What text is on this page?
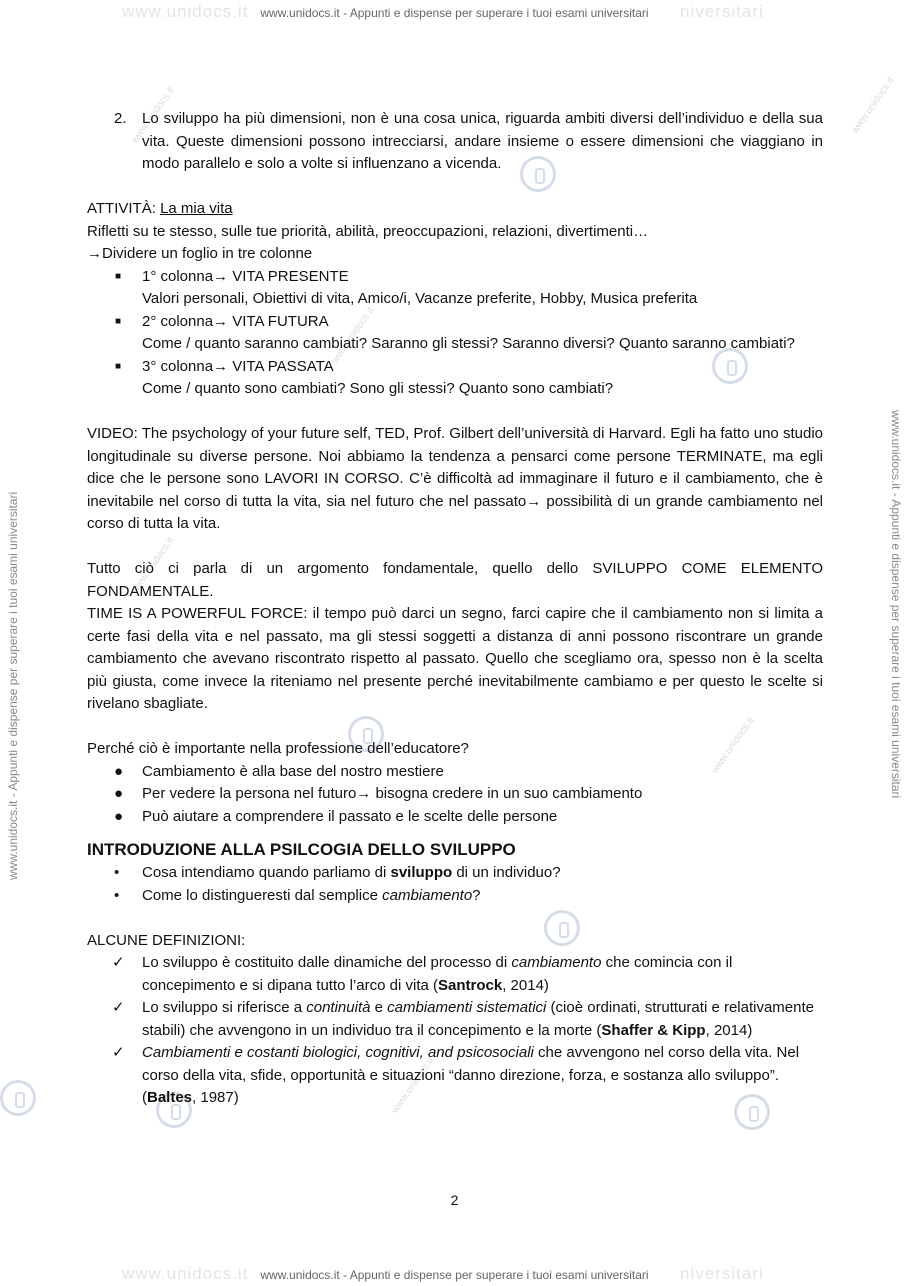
www.unidocs.it	niversitari
www.unidocs.it - Appunti e dispense per superare i tuoi esami universitari
www.unidocs.it	niversitari
www.unidocs.it - Appunti e dispense per superare i tuoi esami universitari
www.unidocs.it - Appunti e dispense per superare i tuoi esami universitari	www.unidocs.it - Appunti e dispense per superare i tuoi esami universitari
www.unidocs.it	www.unidocs.it
www.unidocs.it
www.unidocs.it
www.unidocs.it
www.unidocs.it
2.	Lo sviluppo ha più dimensioni, non è una cosa unica, riguarda ambiti diversi dell’individuo e della sua vita. Queste dimensioni possono intrecciarsi, andare insieme o essere dimensioni che viaggiano in modo parallelo e solo a volte si influenzano a vicenda.

ATTIVITÀ: La mia vita

Rifletti su te stesso, sulle tue priorità, abilità, preoccupazioni, relazioni, divertimenti…

→Dividere un foglio in tre colonne

■	1° colonna→ VITA PRESENTE
Valori personali, Obiettivi di vita, Amico/i, Vacanze preferite, Hobby, Musica preferita
■	2° colonna→ VITA FUTURA
Come / quanto saranno cambiati? Saranno gli stessi? Saranno diversi? Quanto saranno cambiati?
■	3° colonna→ VITA PASSATA
Come / quanto sono cambiati? Sono gli stessi? Quanto sono cambiati?

VIDEO: The psychology of your future self, TED, Prof. Gilbert dell’università di Harvard. Egli ha fatto uno studio longitudinale su diverse persone. Noi abbiamo la tendenza a pensarci come persone TERMINATE, ma egli dice che le persone sono LAVORI IN CORSO. C’è difficoltà ad immaginare il futuro e il cambiamento, che è inevitabile nel corso di tutta la vita, sia nel futuro che nel passato→ possibilità di un grande cambiamento nel corso di tutta la vita.

Tutto ciò ci parla di un argomento fondamentale, quello dello SVILUPPO COME ELEMENTO FONDAMENTALE.

TIME IS A POWERFUL FORCE: il tempo può darci un segno, farci capire che il cambiamento non si limita a certe fasi della vita e nel passato, ma gli stessi soggetti a distanza di anni possono riscontrare un grande cambiamento che avevano riscontrato rispetto al passato. Quello che scegliamo ora, spesso non è la scelta più giusta, come invece la riteniamo nel presente perché inevitabilmente cambiamo e per questo le scelte si rivelano sbagliate.

Perché ciò è importante nella professione dell’educatore?

●	Cambiamento è alla base del nostro mestiere
●	Per vedere la persona nel futuro→ bisogna credere in un suo cambiamento
●	Può aiutare a comprendere il passato e le scelte delle persone
INTRODUZIONE ALLA PSILCOGIA DELLO SVILUPPO
•	Cosa intendiamo quando parliamo di sviluppo di un individuo?
•	Come lo distingueresti dal semplice cambiamento?

ALCUNE DEFINIZIONI:

✓	Lo sviluppo è costituito dalle dinamiche del processo di cambiamento che comincia con il concepimento e si dipana tutto l’arco di vita (Santrock, 2014)
✓	Lo sviluppo si riferisce a continuità e cambiamenti sistematici (cioè ordinati, strutturati e relativamente stabili) che avvengono in un individuo tra il concepimento e la morte (Shaffer & Kipp, 2014)
✓	Cambiamenti e costanti biologici, cognitivi, and psicosociali che avvengono nel corso della vita. Nel corso della vita, sfide, opportunità e situazioni “danno direzione, forza, e sostanza allo sviluppo”. (Baltes, 1987)
2
